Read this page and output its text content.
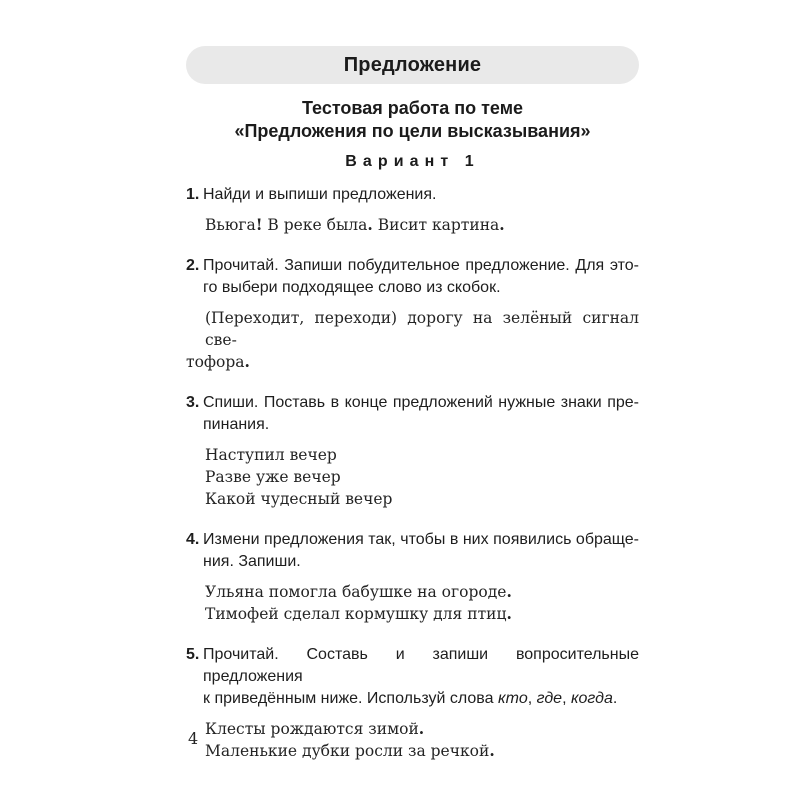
Предложение
Тестовая работа по теме
«Предложения по цели высказывания»
Вариант 1
1. Найди и выпиши предложения.
Вьюга! В реке была. Висит картина.
2. Прочитай. Запиши побудительное предложение. Для это-
го выбери подходящее слово из скобок.
(Переходит, переходи) дорогу на зелёный сигнал све-
тофора.
3. Спиши. Поставь в конце предложений нужные знаки пре-
пинания.
Наступил вечер
Разве уже вечер
Какой чудесный вечер
4. Измени предложения так, чтобы в них появились обраще-
ния. Запиши.
Ульяна помогла бабушке на огороде.
Тимофей сделал кормушку для птиц.
5. Прочитай. Составь и запиши вопросительные предложения
к приведённым ниже. Используй слова кто, где, когда.
Клесты рождаются зимой.
Маленькие дубки росли за речкой.
4
